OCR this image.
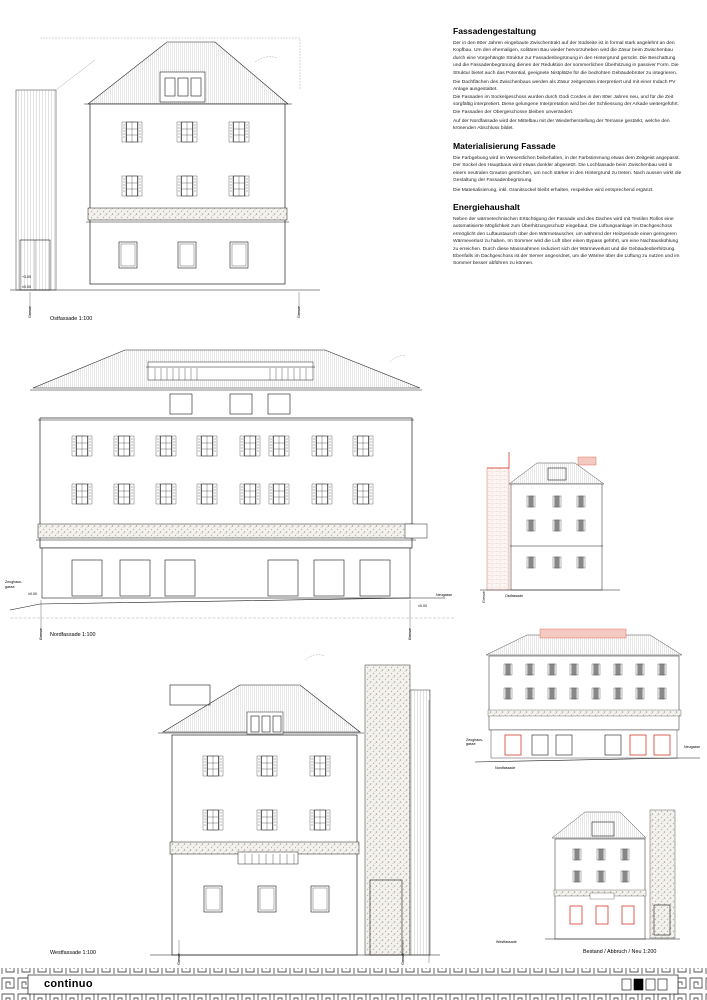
Ostfassade 1:100
+3.00
±0.00
Grenze	Grenze
Nordfassade 1:100
Zeughaus-
gasse
Neugasse
±0.00
±0.00
Grenze	Grenze
Westfassade 1:100
Grenze	Grenze
Ostfassade
Grenze
Nordfassade
Zeughaus-
gasse
Neugasse
Westfassade
Bestand / Abbruch / Neu 1:200
Fassadengestaltung
Der in den 80er Jahren eingebaute Zwischentrakt auf der Südseite ist in formal stark angelehnt an den Kopfbau. Um den ehemaligen, solitären Bau wieder hervorzuheben wird die Zäsur beim Zwischenbau durch eine Vorgehängte Struktur zur Fassadenbegrünung in den Hintergrund gerückt. Die Beschattung und die Fassadenbegrünung dienen der Reduktion der sommerlichen Überhitzung in passiver Form. Die Struktur bietet auch das Potential, geeignete Nistplätze für die bedrohten Gebäudebrüter zu integrieren.
Die Dachflächen des Zwischenbaus werden als Zäsur zeitgemäss interpretiert und mit einer Indach PV Anlage ausgestattet.
Die Fassaden im Sockelgeschoss wurden durch Godi Cordes in den 80er Jahren neu, und für die Zeit sorgfältig interpretiert. Diese gelungene Interpretation wird bei der Schliessung der Arkade weitergeführt. Die Fassaden der Obergeschosse bleiben unverändert.
Auf der Nordfassade wird der Mittelbau mit der Wiederherstellung der Terrasse gestärkt, welche den krönenden Abschluss bildet.
Materialisierung Fassade
Die Farbgebung wird im Wesentlichen beibehalten, in der Farbstimmung etwas dem Zeitgeist angepasst. Der Sockel des Hauptbaus wird etwas dunkler abgesetzt. Die Lochfassade beim Zwischenbau wird in einem neutralen Grauton gestrichen, um noch stärker in den Hintergrund zu treten. Nach aussen wirkt die Gestaltung der Fassadenbegrünung.
Die Materialisierung, inkl. Granitsockel bleibt erhalten, respektive wird entsprechend ergänzt.
Energiehaushalt
Neben der wärmetechnischen Ertüchtigung der Fassade und des Daches wird mit Textilen Rollos eine automatisierte Möglichkeit zum Überhitzungsschutz eingebaut. Die Lüftungsanlage im Dachgeschoss ermöglicht den Luftaustausch über den Wärmetauscher, um während der Heizperiode einen geringeren Wärmeverlust zu haben. Im Sommer wird die Luft über einen Bypass geführt, um eine Nachtauskühlung zu erreichen. Durch diese Massnahmen reduziert sich der Wärmeverlust und die Gebäudeüberhitzung. Ebenfalls im Dachgeschoss ist der Server angeordnet, um die Wärme über die Lüftung zu nutzen und im Sommer besser abführen zu können.
continuo
